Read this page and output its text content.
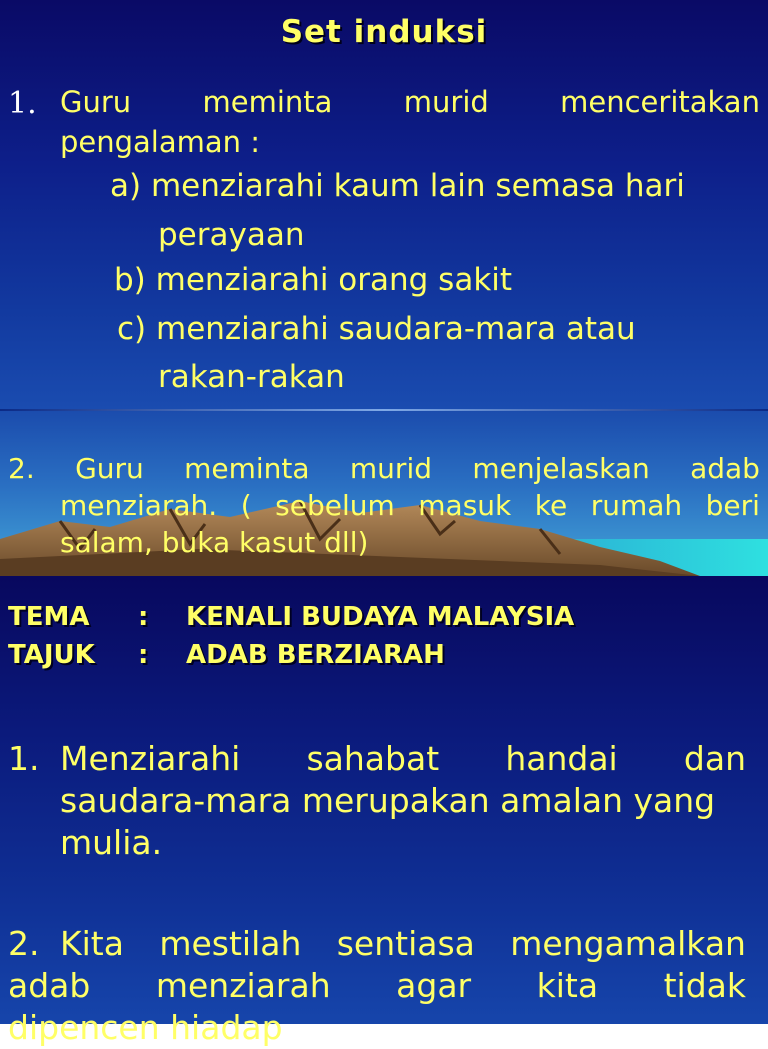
Set induksi
1. Guru meminta murid menceritakan
pengalaman :
a) menziarahi kaum lain semasa hari
perayaan
b) menziarahi orang sakit
c) menziarahi saudara-mara atau
rakan-rakan
2. Guru meminta murid menjelaskan adab
menziarah. ( sebelum masuk ke rumah beri
salam, buka kasut dll)
TEMA	:	KENALI BUDAYA MALAYSIA
TAJUK	:	ADAB BERZIARAH
1. Menziarahi sahabat handai dan
saudara-mara merupakan amalan yang
mulia.
2. Kita mestilah sentiasa mengamalkan
adab menziarah agar kita tidak
dipencen hiadap
